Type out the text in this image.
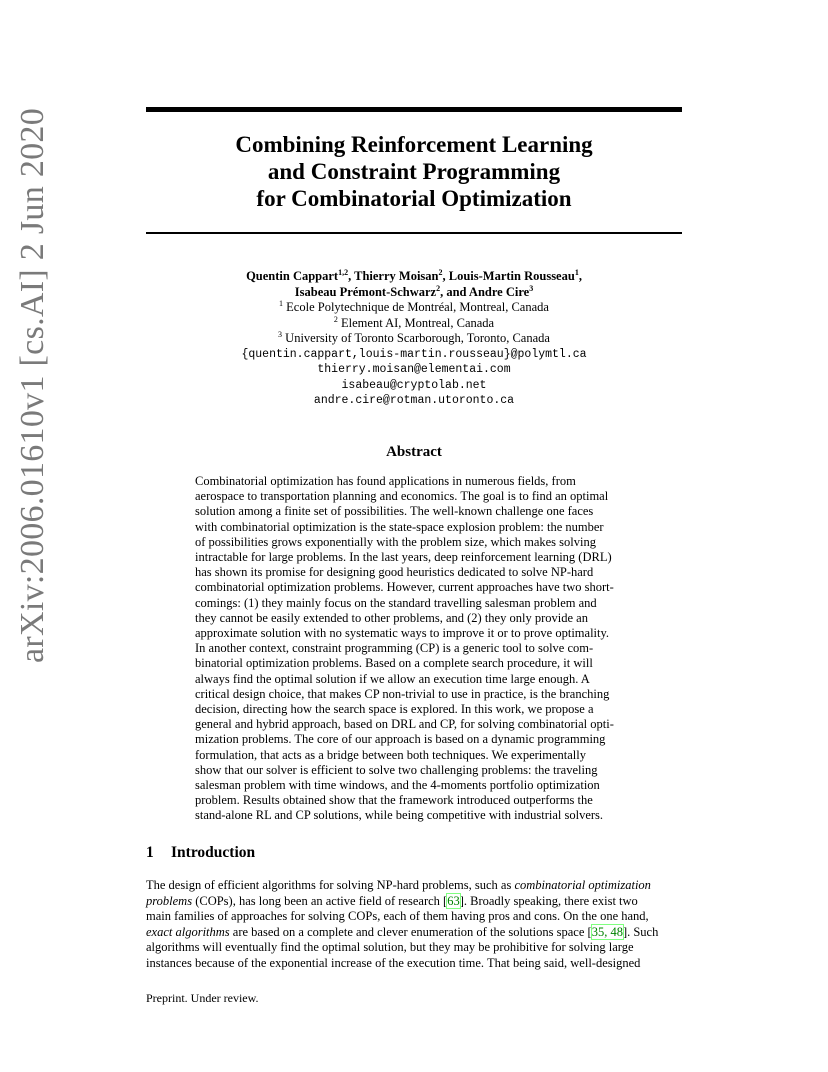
Combining Reinforcement Learning
and Constraint Programming
for Combinatorial Optimization
arXiv:2006.01610v1 [cs.AI] 2 Jun 2020	Quentin Cappart$^{1,2}$, Thierry Moisan$^2$, Louis-Martin Rousseau$^1$,
Isabeau Prémont-Schwarz$^2$, and Andre Cire$^3$
$^1$ Ecole Polytechnique de Montréal, Montreal, Canada
$^2$ Element AI, Montreal, Canada
$^3$ University of Toronto Scarborough, Toronto, Canada
{quentin.cappart,louis-martin.rousseau}@polymtl.ca
thierry.moisan@elementai.com
isabeau@cryptolab.net
andre.cire@rotman.utoronto.ca
Abstract
Combinatorial optimization has found applications in numerous fields, from
aerospace to transportation planning and economics. The goal is to find an optimal
solution among a finite set of possibilities. The well-known challenge one faces
with combinatorial optimization is the state-space explosion problem: the number
of possibilities grows exponentially with the problem size, which makes solving
intractable for large problems. In the last years, deep reinforcement learning (DRL)
has shown its promise for designing good heuristics dedicated to solve NP-hard
combinatorial optimization problems. However, current approaches have two short-
comings: (1) they mainly focus on the standard travelling salesman problem and
they cannot be easily extended to other problems, and (2) they only provide an
approximate solution with no systematic ways to improve it or to prove optimality.
In another context, constraint programming (CP) is a generic tool to solve com-
binatorial optimization problems. Based on a complete search procedure, it will
always find the optimal solution if we allow an execution time large enough. A
critical design choice, that makes CP non-trivial to use in practice, is the branching
decision, directing how the search space is explored. In this work, we propose a
general and hybrid approach, based on DRL and CP, for solving combinatorial opti-
mization problems. The core of our approach is based on a dynamic programming
formulation, that acts as a bridge between both techniques. We experimentally
show that our solver is efficient to solve two challenging problems: the traveling
salesman problem with time windows, and the 4-moments portfolio optimization
problem. Results obtained show that the framework introduced outperforms the
stand-alone RL and CP solutions, while being competitive with industrial solvers.
1 Introduction
The design of efficient algorithms for solving NP-hard problems, such as combinatorial optimization
problems (COPs), has long been an active field of research [63]. Broadly speaking, there exist two
main families of approaches for solving COPs, each of them having pros and cons. On the one hand,
exact algorithms are based on a complete and clever enumeration of the solutions space [35, 48]. Such
algorithms will eventually find the optimal solution, but they may be prohibitive for solving large
instances because of the exponential increase of the execution time. That being said, well-designed
Preprint. Under review.
